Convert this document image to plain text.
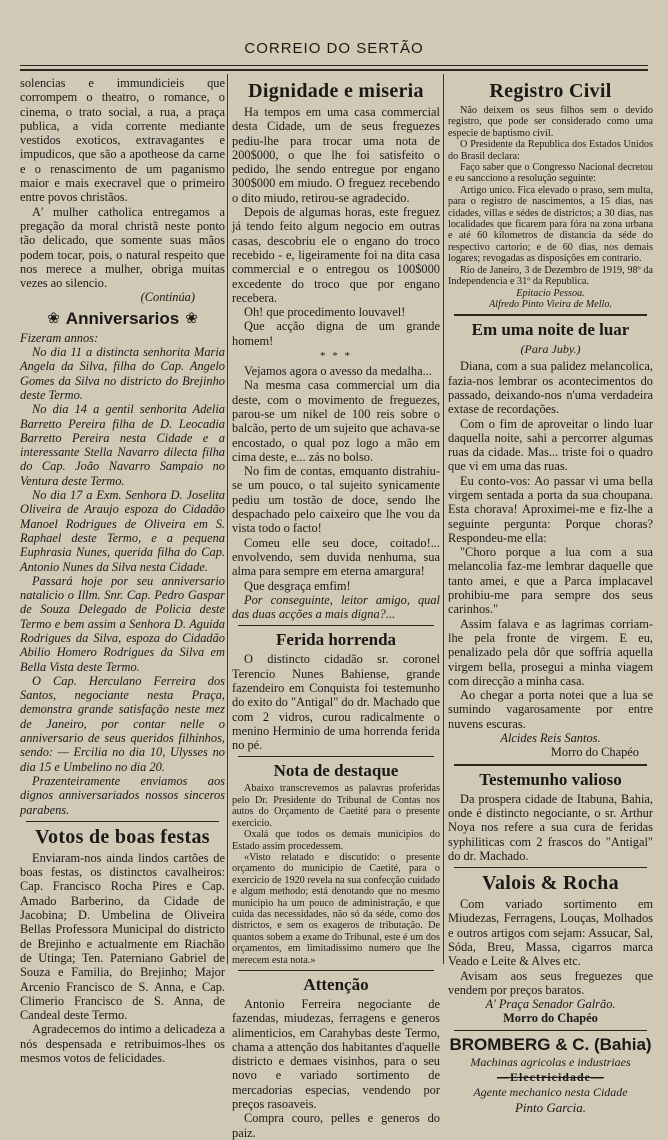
CORREIO DO SERTÃO

solencias e immundicieis que corrompem o theatro, o romance, o cinema, o trato social, a rua, a praça publica, a vida corrente mediante vestidos exoticos, extravagantes e impudicos, que são a apotheose da carne e o renascimento de um paganismo maior e mais execravel que o primeiro entre povos christãos.

A' mulher catholica entregamos a pregação da moral christã neste ponto tão delicado, que somente suas mãos podem tocar, pois, o natural respeito que nos merece a mulher, obriga muitas vezes ao silencio.

(Continúa)

❀ Anniversarios ❀

Fizeram annos:

No dia 11 a distincta senhorita Maria Angela da Silva, filha do Cap. Angelo Gomes da Silva no districto do Brejinho deste Termo.

No dia 14 a gentil senhorita Adelia Barretto Pereira filha de D. Leocadia Barretto Pereira nesta Cidade e a interessante Stella Navarro dilecta filha do Cap. João Navarro Sampaio no Ventura deste Termo.

No dia 17 a Exm. Senhora D. Joselita Oliveira de Araujo espoza do Cidadão Manoel Rodrigues de Oliveira em S. Raphael deste Termo, e a pequena Euphrasia Nunes, querida filha do Cap. Antonio Nunes da Silva nesta Cidade.

Passará hoje por seu anniversario natalicio o Illm. Snr. Cap. Pedro Gaspar de Souza Delegado de Policia deste Termo e bem assim a Senhora D. Aguida Rodrigues da Silva, espoza do Cidadão Abilio Homero Rodrigues da Silva em Bella Vista deste Termo.

O Cap. Herculano Ferreira dos Santos, negociante nesta Praça, demonstra grande satisfação neste mez de Janeiro, por contar nelle o anniversario de seus queridos filhinhos, sendo: — Ercilia no dia 10, Ulysses no dia 15 e Umbelino no dia 20.

Prazenteiramente enviamos aos dignos anniversariados nossos sinceros parabens.

Votos de boas festas

Enviaram-nos ainda lindos cartões de boas festas, os distinctos cavalheiros: Cap. Francisco Rocha Pires e Cap. Amado Barberino, da Cidade de Jacobina; D. Umbelina de Oliveira Bellas Professora Municipal do districto de Brejinho e actualmente em Riachão de Utinga; Ten. Paterniano Gabriel de Souza e Familia, do Brejinho; Major Arcenio Francisco de S. Anna, e Cap. Climerio Francisco de S. Anna, de Candeal deste Termo.

Agradecemos do intimo a delicadeza a nós despensada e retribuimos-lhes os mesmos votos de felicidades.

Dignidade e miseria

Ha tempos em uma casa commercial desta Cidade, um de seus freguezes pediu-lhe para trocar uma nota de 200$000, o que lhe foi satisfeito o pedido, lhe sendo entregue por engano 300$000 em miudo. O freguez recebendo o dito miudo, retirou-se agradecido.

Depois de algumas horas, este freguez já tendo feito algum negocio em outras casas, descobriu ele o engano do troco recebido - e, ligeiramente foi na dita casa commercial e o entregou os 100$000 excedente do troco que por engano recebera.

Oh! que procedimento louvavel!

Que acção digna de um grande homem!

* * *

Vejamos agora o avesso da medalha...

Na mesma casa commercial um dia deste, com o movimento de freguezes, parou-se um nikel de 100 reis sobre o balcão, perto de um sujeito que achava-se encostado, o qual poz logo a mão em cima deste, e... zás no bolso.

No fim de contas, emquanto distrahiu-se um pouco, o tal sujeito synicamente pediu um tostão de doce, sendo lhe despachado pelo caixeiro que lhe vou da vista todo o facto!

Comeu elle seu doce, coitado!... envolvendo, sem duvida nenhuma, sua alma para sempre em eterna amargura!

Que desgraça emfim!

Por conseguinte, leitor amigo, qual das duas acções a mais digna?...

Ferida horrenda

O distincto cidadão sr. coronel Terencio Nunes Bahiense, grande fazendeiro em Conquista foi testemunho do exito do "Antigal" do dr. Machado que com 2 vidros, curou radicalmente o menino Herminio de uma horrenda ferida no pé.

Nota de destaque

Abaixo transcrevemos as palavras proferidas pelo Dr. Presidente do Tribunal de Contas nos autos do Orçamento de Caetité para o presente exercicio.

Oxalá que todos os demais municipios do Estado assim procedessem.

«Visto relatado e discutido: o presente orçamento do municipio de Caetité, para o exercicio de 1920 revela na sua confecção cuidado e algum methodo; está denotando que no mesmo municipio ha um pouco de administração, e que cuida das necessidades, não só da séde, como dos districtos, e sem os exageros de tributação. De quantos sobem a exame do Tribunal, este é um dos orçamentos, em limitadissimo numero que lhe merecem esta nota.»

Attenção

Antonio Ferreira negociante de fazendas, miudezas, ferragens e generos alimenticios, em Carahybas deste Termo, chama a attenção dos habitantes d'aquelle districto e demaes visinhos, para o seu novo e variado sortimento de mercadorias especias, vendendo por preços rasoaveis.

Compra couro, pelles e generos do paiz.

Registro Civil

Não deixem os seus filhos sem o devido registro, que pode ser considerado como uma especie de baptismo civil.

O Presidente da Republica dos Estados Unidos do Brasil declara:

Faço saber que o Congresso Nacional decretou e eu sancciono a resolução seguinte:

Artigo unico. Fica elevado o praso, sem multa, para o registro de nascimentos, a 15 dias, nas cidades, villas e sédes de districtos; a 30 dias, nas localidades que ficarem para fóra na zona urbana e até 60 kilometros de distancia da séde do respectivo cartorio; e de 60 dias, nos demais logares; revogadas as disposições em contrario.

Rio de Janeiro, 3 de Dezembro de 1919, 98º da Independencia e 31º da Republica.

Epitacio Pessoa.

Alfredo Pinto Vieira de Mello.

Em uma noite de luar
(Para Juby.)

Diana, com a sua palidez melancolica, fazia-nos lembrar os acontecimentos do passado, deixando-nos n'uma verdadeira extase de recordações.

Com o fim de aproveitar o lindo luar daquella noite, sahi a percorrer algumas ruas da cidade. Mas... triste foi o quadro que vi em uma das ruas.

Eu conto-vos: Ao passar vi uma bella virgem sentada a porta da sua choupana. Esta chorava! Aproximei-me e fiz-lhe a seguinte pergunta: Porque choras? Respondeu-me ella:

"Choro porque a lua com a sua melancolia faz-me lembrar daquelle que tanto amei, e que a Parca implacavel prohibiu-me para sempre dos seus carinhos."

Assim falava e as lagrimas corriam-lhe pela fronte de virgem. E eu, penalizado pela dôr que soffria aquella virgem bella, prosegui a minha viagem com direcção a minha casa.

Ao chegar a porta notei que a lua se sumindo vagarosamente por entre nuvens escuras.

Alcides Reis Santos.

Morro do Chapéo

Testemunho valioso

Da prospera cidade de Itabuna, Bahia, onde é distincto negociante, o sr. Arthur Noya nos refere a sua cura de feridas syphiliticas com 2 frascos do "Antigal" do dr. Machado.

Valois & Rocha

Com variado sortimento em Miudezas, Ferragens, Louças, Molhados e outros artigos com sejam: Assucar, Sal, Sóda, Breu, Massa, cigarros marca Veado e Leite & Alves etc.

Avisam aos seus freguezes que vendem por preços baratos.

A' Praça Senador Galrão.

Morro do Chapéo

BROMBERG & C. (Bahia)
Machinas agricolas e industriaes
—Electricidade—
Agente mechanico nesta Cidade
Pinto Garcia.
